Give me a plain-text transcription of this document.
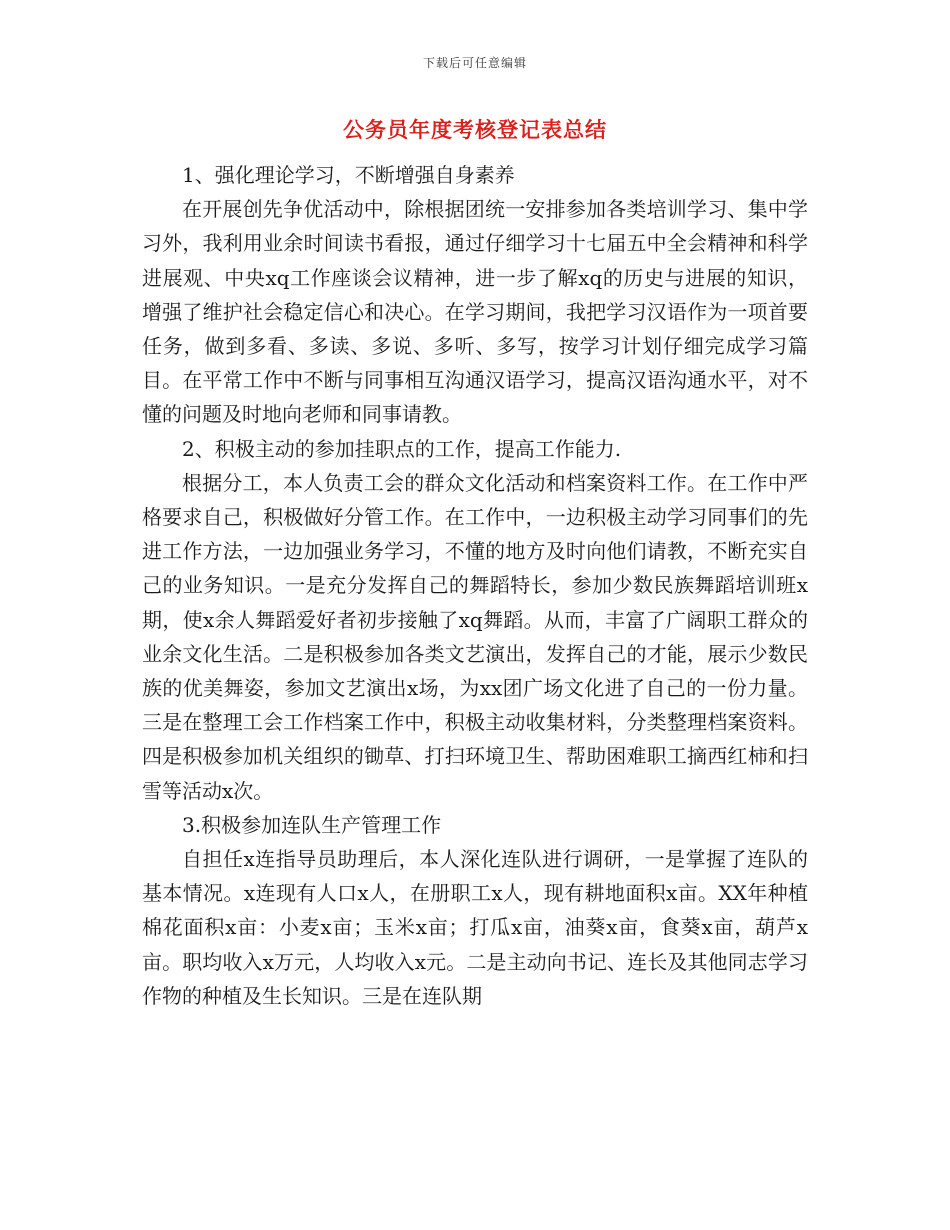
下载后可任意编辑
公务员年度考核登记表总结

1、强化理论学习，不断增强自身素养

在开展创先争优活动中，除根据团统一安排参加各类培训学习、集中学习外，我利用业余时间读书看报，通过仔细学习十七届五中全会精神和科学进展观、中央xq工作座谈会议精神，进一步了解xq的历史与进展的知识，增强了维护社会稳定信心和决心。在学习期间，我把学习汉语作为一项首要任务，做到多看、多读、多说、多听、多写，按学习计划仔细完成学习篇目。在平常工作中不断与同事相互沟通汉语学习，提高汉语沟通水平，对不懂的问题及时地向老师和同事请教。

2、积极主动的参加挂职点的工作，提高工作能力.

根据分工，本人负责工会的群众文化活动和档案资料工作。在工作中严格要求自己，积极做好分管工作。在工作中，一边积极主动学习同事们的先进工作方法，一边加强业务学习，不懂的地方及时向他们请教，不断充实自己的业务知识。一是充分发挥自己的舞蹈特长，参加少数民族舞蹈培训班x期，使x余人舞蹈爱好者初步接触了xq舞蹈。从而，丰富了广阔职工群众的业余文化生活。二是积极参加各类文艺演出，发挥自己的才能，展示少数民族的优美舞姿，参加文艺演出x场，为xx团广场文化进了自己的一份力量。三是在整理工会工作档案工作中，积极主动收集材料，分类整理档案资料。四是积极参加机关组织的锄草、打扫环境卫生、帮助困难职工摘西红柿和扫雪等活动x次。

3.积极参加连队生产管理工作

自担任x连指导员助理后，本人深化连队进行调研，一是掌握了连队的基本情况。x连现有人口x人，在册职工x人，现有耕地面积x亩。XX年种植棉花面积x亩：小麦x亩；玉米x亩；打瓜x亩，油葵x亩，食葵x亩，葫芦x亩。职均收入x万元，人均收入x元。二是主动向书记、连长及其他同志学习作物的种植及生长知识。三是在连队期
